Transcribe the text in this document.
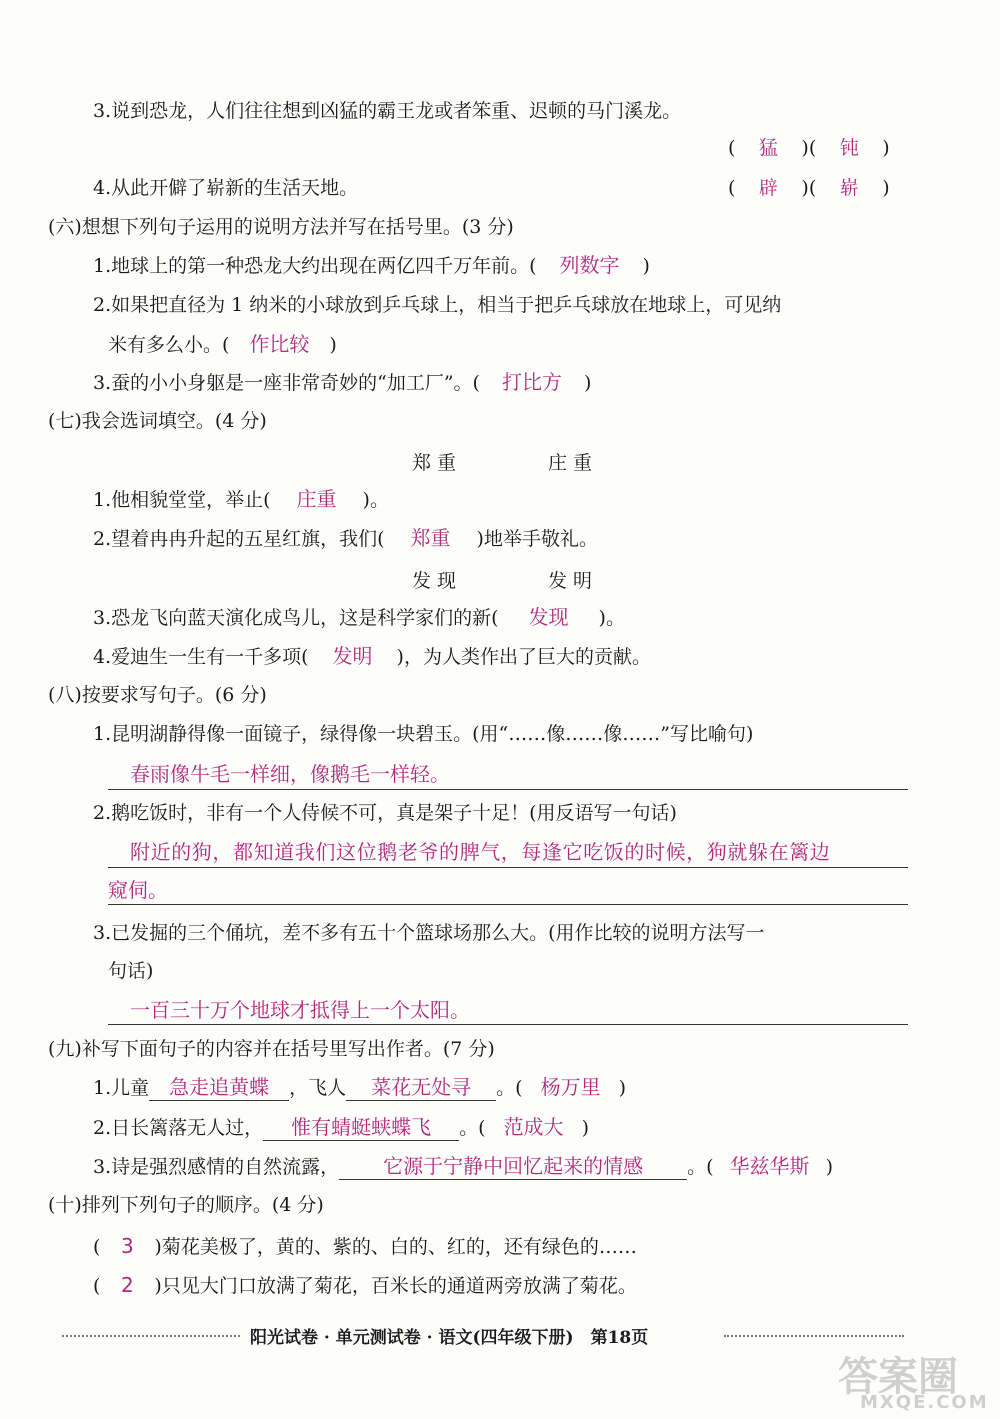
3.说到恐龙，人们往往想到凶猛的霸王龙或者笨重、迟顿的马门溪龙。
( 猛 )( 钝 )
4.从此开僻了崭新的生活天地。	( 辟 )( 崭 )
(六)想想下列句子运用的说明方法并写在括号里。(3 分)
1.地球上的第一种恐龙大约出现在两亿四千万年前。( 列数字 )
2.如果把直径为 1 纳米的小球放到乒乓球上，相当于把乒乓球放在地球上，可见纳
米有多么小。( 作比较 )
3.蚕的小小身躯是一座非常奇妙的“加工厂”。( 打比方 )
(七)我会选词填空。(4 分)
郑重	庄重
1.他相貌堂堂，举止( 庄重 )。
2.望着冉冉升起的五星红旗，我们( 郑重 )地举手敬礼。
发现	发明
3.恐龙飞向蓝天演化成鸟儿，这是科学家们的新( 发现 )。
4.爱迪生一生有一千多项( 发明 )，为人类作出了巨大的贡献。
(八)按要求写句子。(6 分)
1.昆明湖静得像一面镜子，绿得像一块碧玉。(用“……像……像……”写比喻句)
春雨像牛毛一样细，像鹅毛一样轻。
2.鹅吃饭时，非有一个人侍候不可，真是架子十足！(用反语写一句话)
附近的狗，都知道我们这位鹅老爷的脾气，每逢它吃饭的时候，狗就躲在篱边
窥伺。
3.已发掘的三个俑坑，差不多有五十个篮球场那么大。(用作比较的说明方法写一
句话)
一百三十万个地球才抵得上一个太阳。
(九)补写下面句子的内容并在括号里写出作者。(7 分)
1.儿童 急走追黄蝶 ，飞人 菜花无处寻 。( 杨万里 )
2.日长篱落无人过， 惟有蜻蜓蛱蝶飞 。( 范成大 )
3.诗是强烈感情的自然流露， 它源于宁静中回忆起来的情感 。( 华兹华斯 )
(十)排列下列句子的顺序。(4 分)
( 3 )菊花美极了，黄的、紫的、白的、红的，还有绿色的……
( 2 )只见大门口放满了菊花，百米长的通道两旁放满了菊花。
阳光试卷 · 单元测试卷 · 语文(四年级下册)　第18页
答案圈
MXQE.COM
